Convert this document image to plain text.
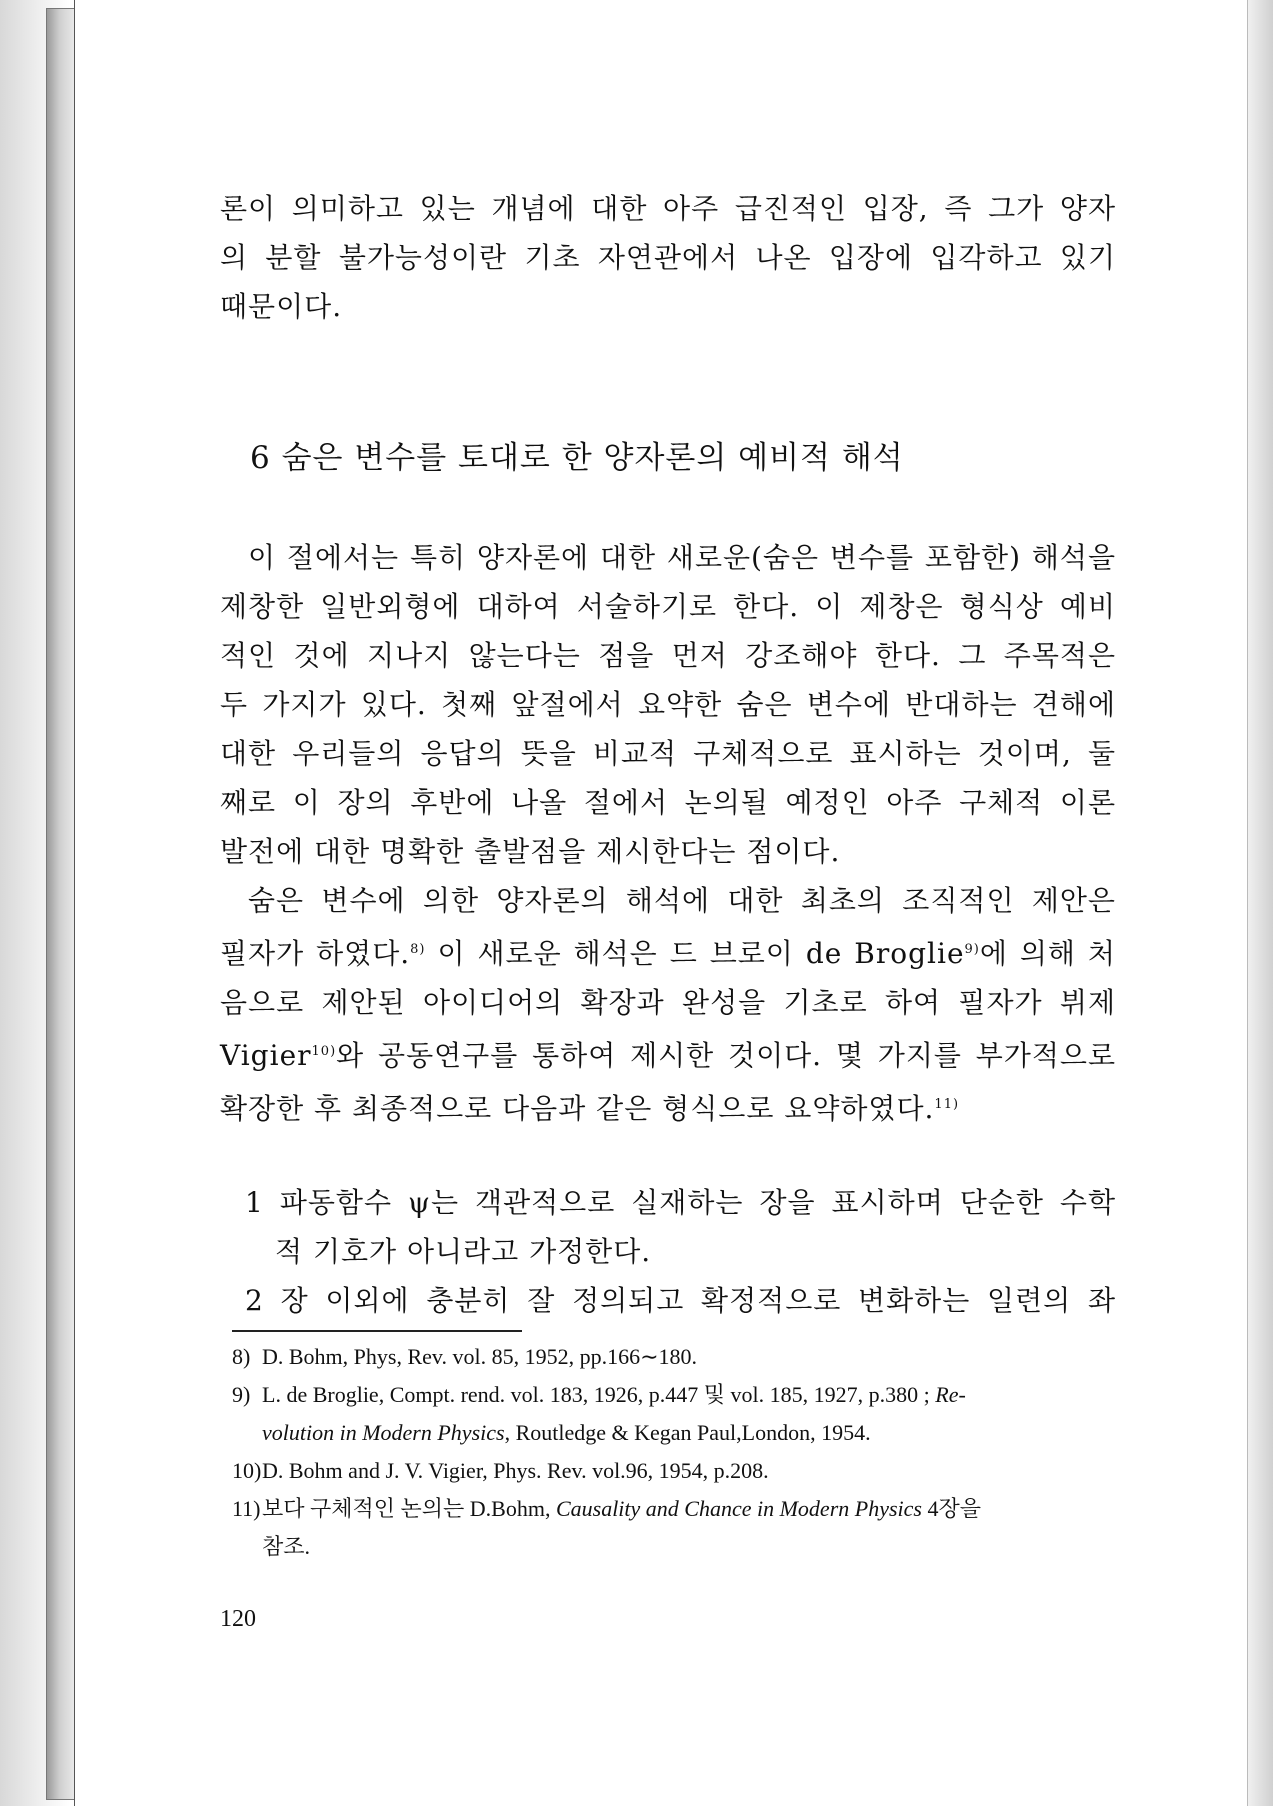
론이 의미하고 있는 개념에 대한 아주 급진적인 입장, 즉 그가 양자
의 분할 불가능성이란 기초 자연관에서 나온 입장에 입각하고 있기
때문이다.
6 숨은 변수를 토대로 한 양자론의 예비적 해석
이 절에서는 특히 양자론에 대한 새로운(숨은 변수를 포함한) 해석을
제창한 일반외형에 대하여 서술하기로 한다. 이 제창은 형식상 예비
적인 것에 지나지 않는다는 점을 먼저 강조해야 한다. 그 주목적은
두 가지가 있다. 첫째 앞절에서 요약한 숨은 변수에 반대하는 견해에
대한 우리들의 응답의 뜻을 비교적 구체적으로 표시하는 것이며, 둘
째로 이 장의 후반에 나올 절에서 논의될 예정인 아주 구체적 이론
발전에 대한 명확한 출발점을 제시한다는 점이다.
숨은 변수에 의한 양자론의 해석에 대한 최초의 조직적인 제안은
필자가 하였다.$^{8)}$ 이 새로운 해석은 드 브로이 de Broglie$^{9)}$에 의해 처
음으로 제안된 아이디어의 확장과 완성을 기초로 하여 필자가 뷔제
Vigier$^{10)}$와 공동연구를 통하여 제시한 것이다. 몇 가지를 부가적으로
확장한 후 최종적으로 다음과 같은 형식으로 요약하였다.$^{11)}$
1 파동함수 ψ는 객관적으로 실재하는 장을 표시하며 단순한 수학
적 기호가 아니라고 가정한다.
2 장 이외에 충분히 잘 정의되고 확정적으로 변화하는 일련의 좌
8) D. Bohm, Phys, Rev. vol. 85, 1952, pp.166∼180.
9) L. de Broglie, Compt. rend. vol. 183, 1926, p.447 및 vol. 185, 1927, p.380 ; Re-
volution in Modern Physics, Routledge & Kegan Paul,London, 1954.
10)D. Bohm and J. V. Vigier, Phys. Rev. vol.96, 1954, p.208.
11)보다 구체적인 논의는 D.Bohm, Causality and Chance in Modern Physics 4장을
참조.
120
